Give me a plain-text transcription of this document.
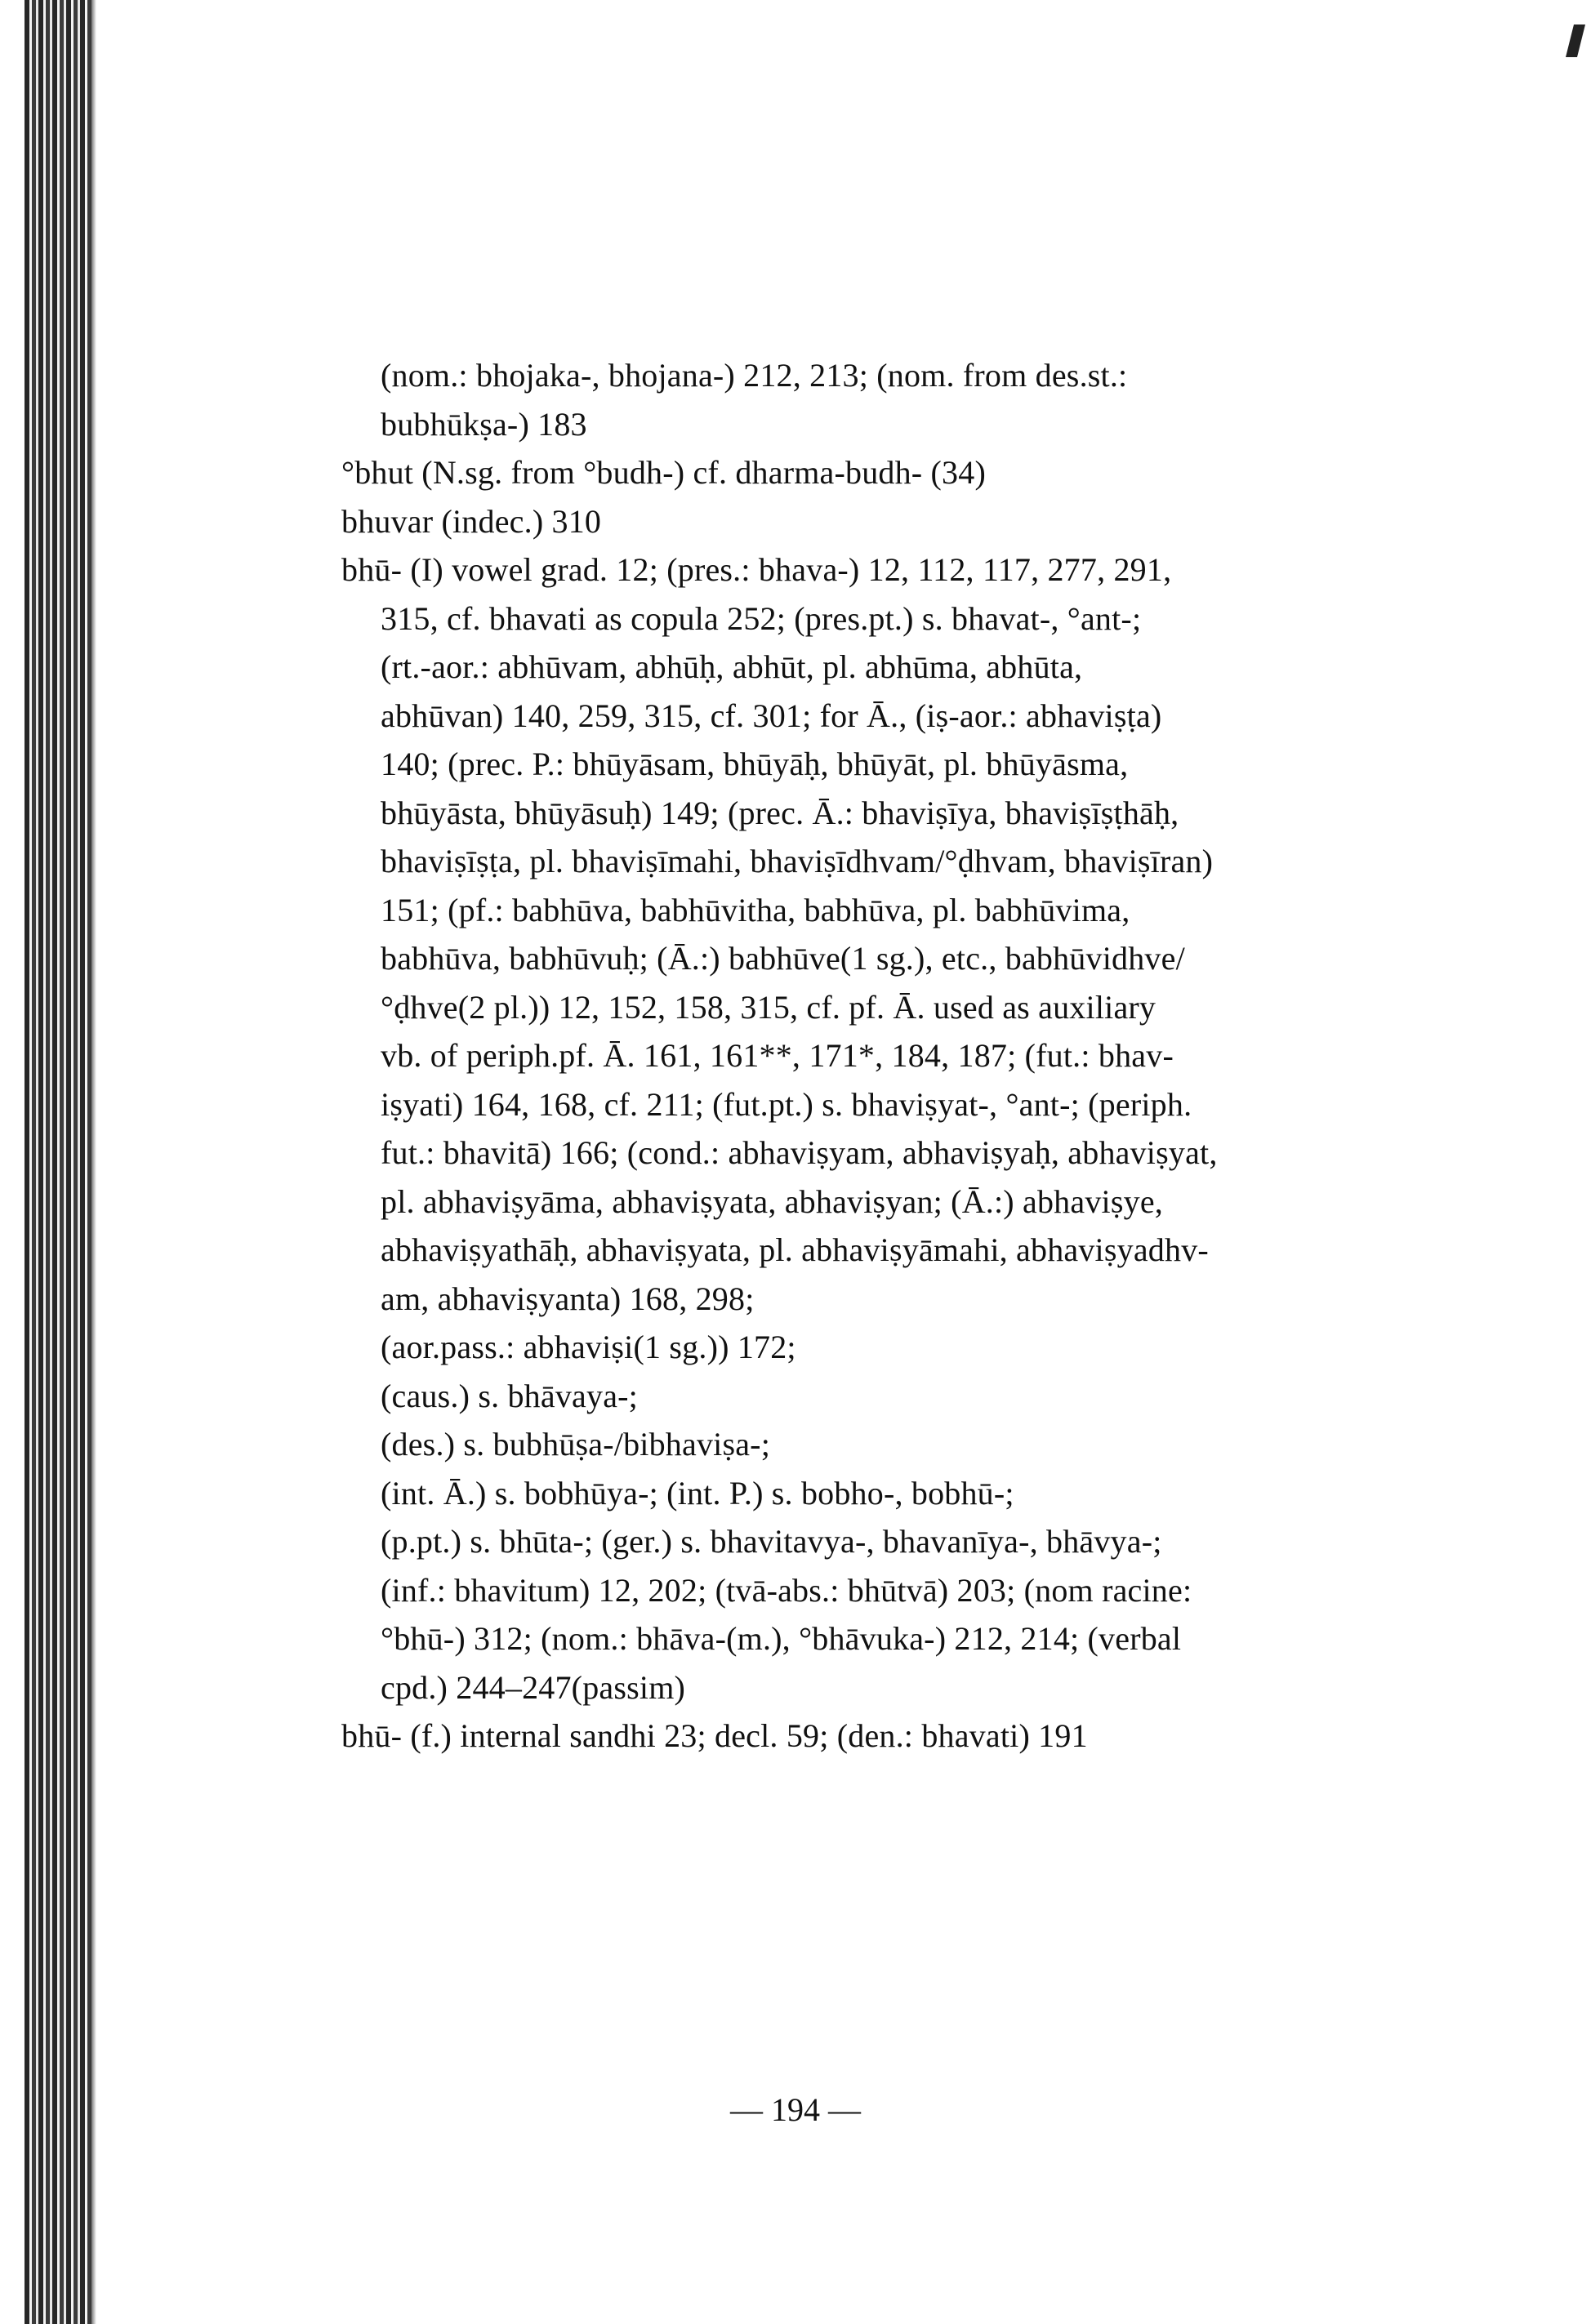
(nom.: bhojaka-, bhojana-) 212, 213; (nom. from des.st.:
bubhūkṣa-) 183
°bhut (N.sg. from °budh-) cf. dharma-budh- (34)
bhuvar (indec.) 310
bhū- (I) vowel grad. 12; (pres.: bhava-) 12, 112, 117, 277, 291,
315, cf. bhavati as copula 252; (pres.pt.) s. bhavat-, °ant-;
(rt.-aor.: abhūvam, abhūḥ, abhūt, pl. abhūma, abhūta,
abhūvan) 140, 259, 315, cf. 301; for Ā., (iṣ-aor.: abhaviṣṭa)
140; (prec. P.: bhūyāsam, bhūyāḥ, bhūyāt, pl. bhūyāsma,
bhūyāsta, bhūyāsuḥ) 149; (prec. Ā.: bhaviṣīya, bhaviṣīṣṭhāḥ,
bhaviṣīṣṭa, pl. bhaviṣīmahi, bhaviṣīdhvam/°ḍhvam, bhaviṣīran)
151; (pf.: babhūva, babhūvitha, babhūva, pl. babhūvima,
babhūva, babhūvuḥ; (Ā.:) babhūve(1 sg.), etc., babhūvidhve/
°ḍhve(2 pl.)) 12, 152, 158, 315, cf. pf. Ā. used as auxiliary
vb. of periph.pf. Ā. 161, 161**, 171*, 184, 187; (fut.: bhav-
iṣyati) 164, 168, cf. 211; (fut.pt.) s. bhaviṣyat-, °ant-; (periph.
fut.: bhavitā) 166; (cond.: abhaviṣyam, abhaviṣyaḥ, abhaviṣyat,
pl. abhaviṣyāma, abhaviṣyata, abhaviṣyan; (Ā.:) abhaviṣye,
abhaviṣyathāḥ, abhaviṣyata, pl. abhaviṣyāmahi, abhaviṣyadhv-
am, abhaviṣyanta) 168, 298;
(aor.pass.: abhaviṣi(1 sg.)) 172;
(caus.) s. bhāvaya-;
(des.) s. bubhūṣa-/bibhaviṣa-;
(int. Ā.) s. bobhūya-; (int. P.) s. bobho-, bobhū-;
(p.pt.) s. bhūta-; (ger.) s. bhavitavya-, bhavanīya-, bhāvya-;
(inf.: bhavitum) 12, 202; (tvā-abs.: bhūtvā) 203; (nom racine:
°bhū-) 312; (nom.: bhāva-(m.), °bhāvuka-) 212, 214; (verbal
cpd.) 244–247(passim)
bhū- (f.) internal sandhi 23; decl. 59; (den.: bhavati) 191
— 194 —
